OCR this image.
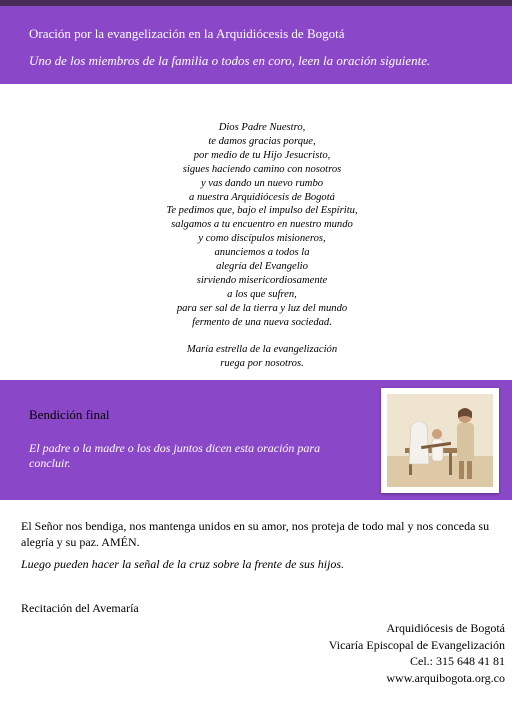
Oración por la evangelización en la Arquidiócesis de Bogotá
Uno de los miembros de la familia o todos en coro, leen la oración siguiente.
Dios Padre Nuestro,
te damos gracias porque,
por medio de tu Hijo Jesucristo,
sigues haciendo camino con nosotros
y vas dando un nuevo rumbo
a nuestra Arquidiócesis de Bogotá
Te pedimos que, bajo el impulso del Espíritu,
salgamos a tu encuentro en nuestro mundo
y como discípulos misioneros,
anunciemos a todos la
alegría del Evangelio
sirviendo misericordiosamente
a los que sufren,
para ser sal de la tierra y luz del mundo
fermento de una nueva sociedad.
María estrella de la evangelización
ruega por nosotros.
Bendición final
El padre o la madre o los dos juntos dicen esta oración para concluir.
El Señor nos bendiga, nos mantenga unidos en su amor, nos proteja de todo mal y nos conceda su alegría y su paz. AMÉN.
Luego pueden hacer la señal de la cruz sobre la frente de sus hijos.
Recitación del Avemaría
Arquidiócesis de Bogotá
Vicaría Episcopal de Evangelización
Cel.: 315 648 41 81
www.arquibogota.org.co
